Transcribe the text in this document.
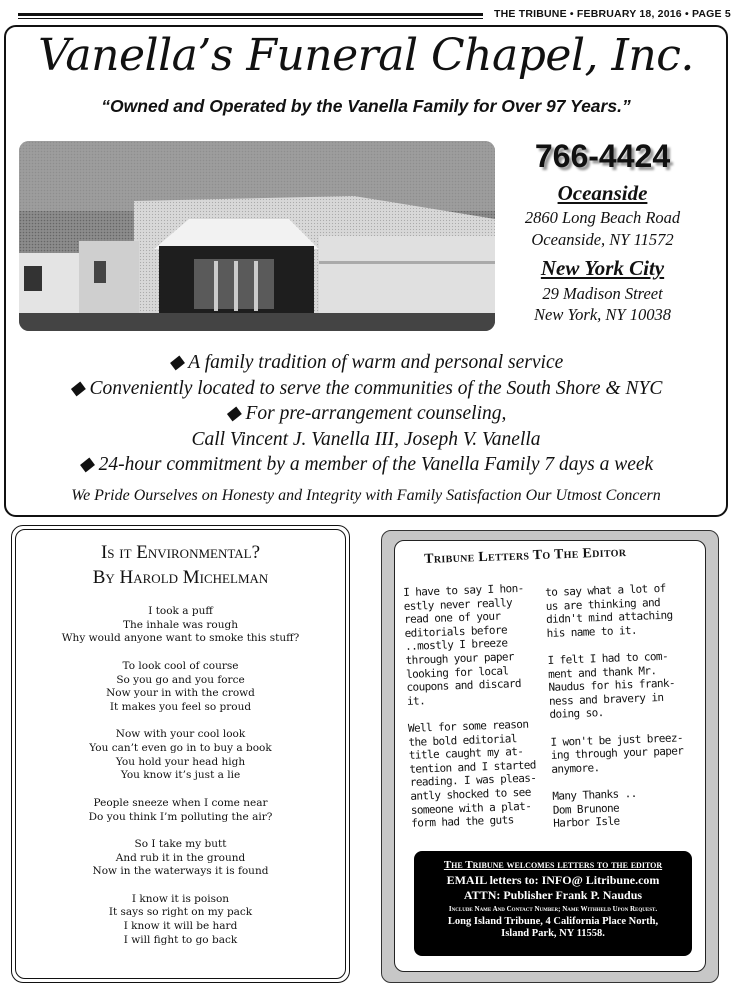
THE TRIBUNE • FEBRUARY 18, 2016 • PAGE 5
Vanella’s Funeral Chapel, Inc.
“Owned and Operated by the Vanella Family for Over 97 Years.”
766-4424
Oceanside
2860 Long Beach Road
Oceanside, NY 11572
New York City
29 Madison Street
New York, NY 10038
◆ A family tradition of warm and personal service
◆ Conveniently located to serve the communities of the South Shore & NYC
◆ For pre-arrangement counseling,
Call Vincent J. Vanella III, Joseph V. Vanella
◆ 24-hour commitment by a member of the Vanella Family 7 days a week
We Pride Ourselves on Honesty and Integrity with Family Satisfaction Our Utmost Concern
Is it Environmental?
By Harold Michelman
I took a puff
The inhale was rough
Why would anyone want to smoke this stuff?
To look cool of course
So you go and you force
Now your in with the crowd
It makes you feel so proud
Now with your cool look
You can’t even go in to buy a book
You hold your head high
You know it’s just a lie
People sneeze when I come near
Do you think I’m polluting the air?
So I take my butt
And rub it in the ground
Now in the waterways it is found
I know it is poison
It says so right on my pack
I know it will be hard
I will fight to go back
Tribune Letters To The Editor
I have to say I hon-
estly never really
read one of your
editorials before
..mostly I breeze
through your paper
looking for local
coupons and discard
it.

Well for some reason
the bold editorial
title caught my at-
tention and I started
reading. I was pleas-
antly shocked to see
someone with a plat-
form had the guts
to say what a lot of
us are thinking and
didn't mind attaching
his name to it.

I felt I had to com-
ment and thank Mr.
Naudus for his frank-
ness and bravery in
doing so.

I won't be just breez-
ing through your paper
anymore.

Many Thanks ..
Dom Brunone
Harbor Isle
The Tribune welcomes letters to the editor
EMAIL letters to: INFO@ Litribune.com
ATTN: Publisher Frank P. Naudus
Include Name And Contact Number; Name Withheld Upon Request.
Long Island Tribune, 4 California Place North,
Island Park, NY 11558.
